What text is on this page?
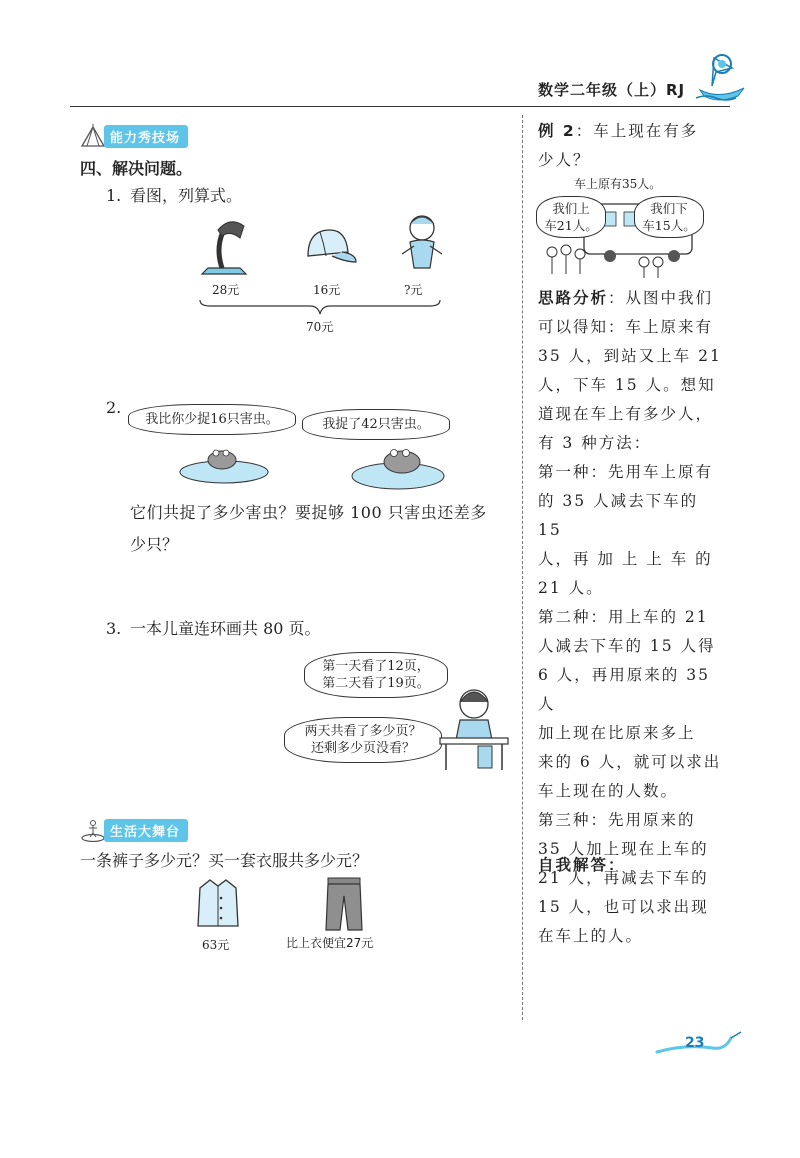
数学二年级（上）RJ
能力秀技场
四、解决问题。
1. 看图，列算式。
28元	16元	?元
70元
2.
我比你少捉16只害虫。	我捉了42只害虫。
它们共捉了多少害虫？要捉够 100 只害虫还差多
少只？
3. 一本儿童连环画共 80 页。
第一天看了12页，
第二天看了19页。
两天共看了多少页？
还剩多少页没看？
生活大舞台
一条裤子多少元？买一套衣服共多少元？
63元	比上衣便宜27元
例 2：车上现在有多
少人？
车上原有35人。
我们上
车21人。
我们下
车15人。
思路分析：从图中我们
可以得知：车上原来有
35 人，到站又上车 21
人，下车 15 人。想知
道现在车上有多少人，
有 3 种方法：
第一种：先用车上原有
的 35 人减去下车的 15
人，再 加 上 上 车 的
21 人。
第二种：用上车的 21
人减去下车的 15 人得
6 人，再用原来的 35 人
加上现在比原来多上
来的 6 人，就可以求出
车上现在的人数。
第三种：先用原来的
35 人加上现在上车的
21 人，再减去下车的
15 人，也可以求出现
在车上的人。
自我解答：
23
